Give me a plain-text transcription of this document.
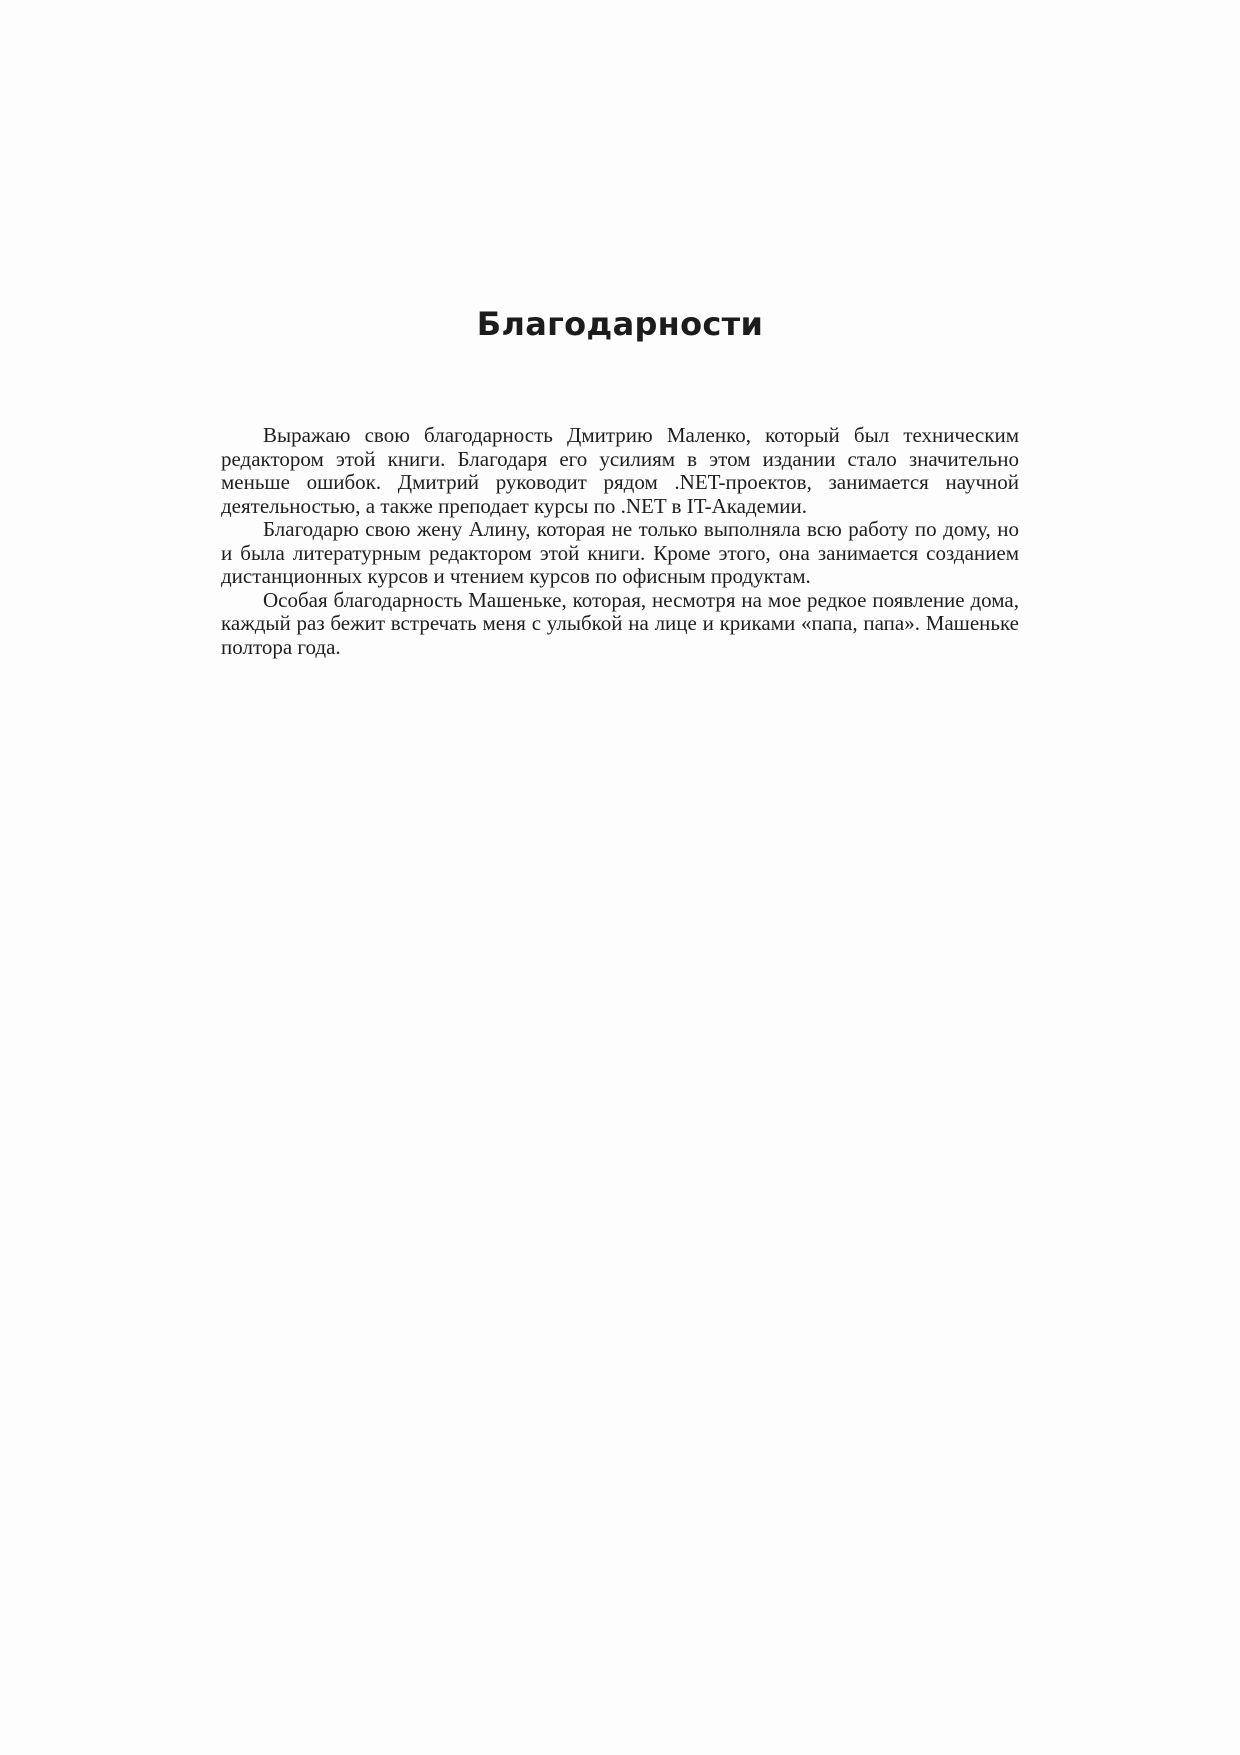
Благодарности

Выражаю свою благодарность Дмитрию Маленко, который был техническим редактором этой книги. Благодаря его усилиям в этом издании стало значительно меньше ошибок. Дмитрий руководит рядом .NET-проектов, занимается научной деятельностью, а также преподает курсы по .NET в IT-Академии.

Благодарю свою жену Алину, которая не только выполняла всю работу по дому, но и была литературным редактором этой книги. Кроме этого, она занимается созданием дистанционных курсов и чтением курсов по офисным продуктам.

Особая благодарность Машеньке, которая, несмотря на мое редкое появление дома, каждый раз бежит встречать меня с улыбкой на лице и криками «папа, папа». Машеньке полтора года.
